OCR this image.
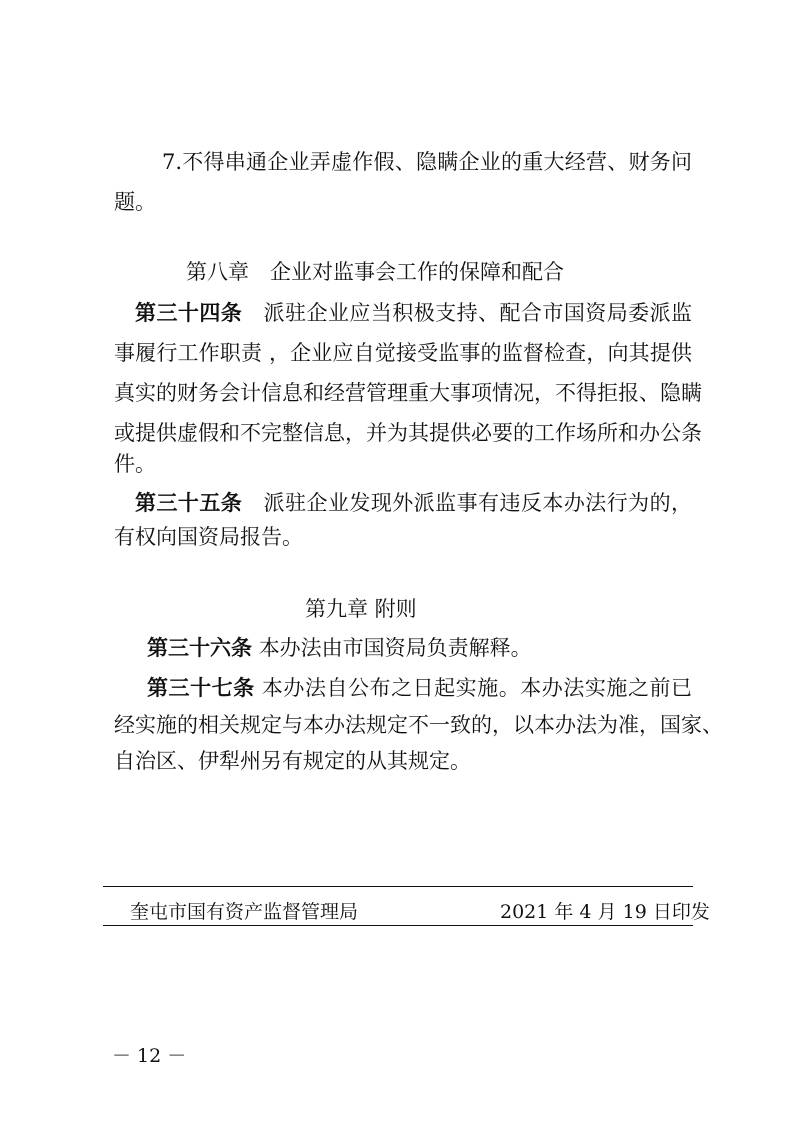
7.不得串通企业弄虚作假、隐瞒企业的重大经营、财务问
题。
第八章　企业对监事会工作的保障和配合
第三十四条　 派驻企业应当积极支持、配合市国资局委派监
事履行工作职责 ，企业应自觉接受监事的监督检查，向其提供
真实的财务会计信息和经营管理重大事项情况，不得拒报、隐瞒
或提供虚假和不完整信息，并为其提供必要的工作场所和办公条
件。
第三十五条　 派驻企业发现外派监事有违反本办法行为的，
有权向国资局报告。
第九章 附则
第三十六条 本办法由市国资局负责解释。
第三十七条 本办法自公布之日起实施。本办法实施之前已
经实施的相关规定与本办法规定不一致的，以本办法为准，国家、
自治区、伊犁州另有规定的从其规定。
奎屯市国有资产监督管理局	2021 年 4 月 19 日印发
－ 12 －
